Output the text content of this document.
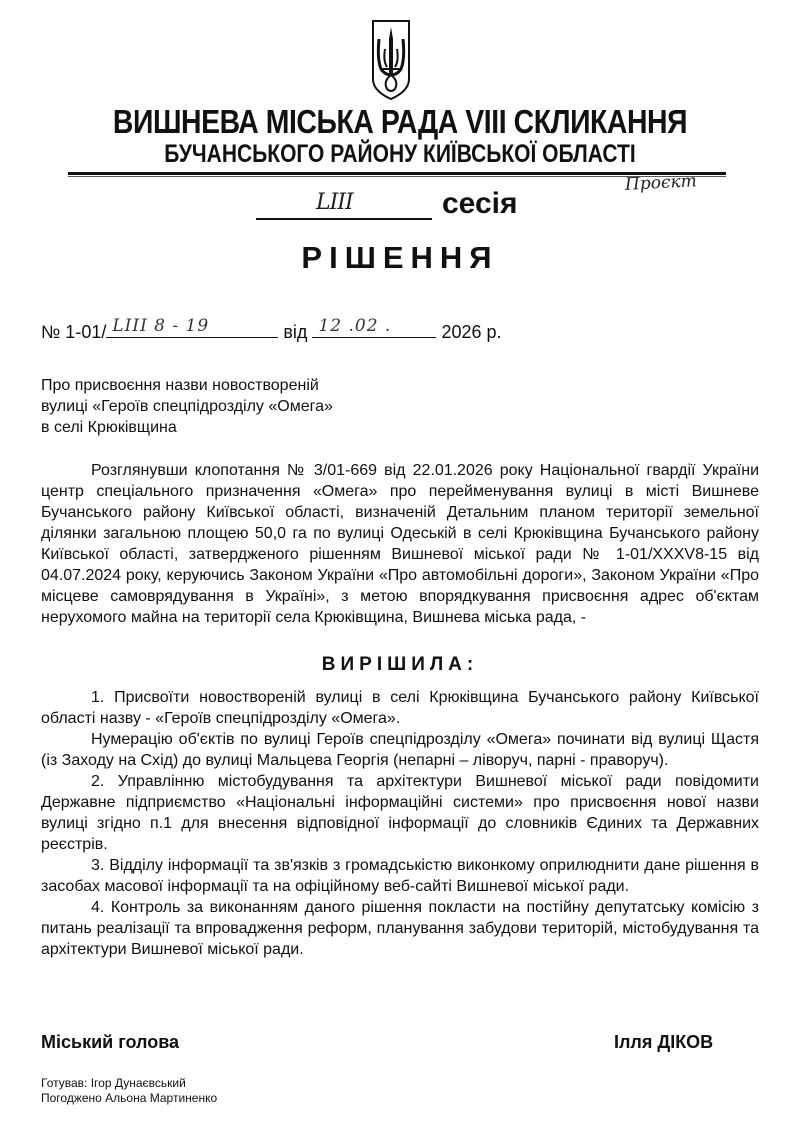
ВИШНЕВА МІСЬКА РАДА VIII СКЛИКАННЯ
БУЧАНСЬКОГО РАЙОНУ КИЇВСЬКОЇ ОБЛАСТІ
Проєкт
LIII	сесія
РІШЕННЯ
№ 1-01/ LIII 8 - 19	від 12 .02 .	2026 р.
Про присвоєння назви новоствореній
вулиці «Героїв спецпідрозділу «Омега»
в селі Крюківщина

Розглянувши клопотання № 3/01-669 від 22.01.2026 року Національної гвардії України центр спеціального призначення «Омега» про перейменування вулиці в місті Вишневе Бучанського району Київської області, визначеній Детальним планом території земельної ділянки загальною площею 50,0 га по вулиці Одеській в селі Крюківщина Бучанського району Київської області, затвердженого рішенням Вишневої міської ради № 1-01/XXXV8-15 від 04.07.2024 року, керуючись Законом України «Про автомобільні дороги», Законом України «Про місцеве самоврядування в Україні», з метою впорядкування присвоєння адрес об'єктам нерухомого майна на території села Крюківщина, Вишнева міська рада, -

ВИРІШИЛА:

1. Присвоїти новоствореній вулиці в селі Крюківщина Бучанського району Київської області назву - «Героїв спецпідрозділу «Омега».

Нумерацію об'єктів по вулиці Героїв спецпідрозділу «Омега» починати від вулиці Щастя (із Заходу на Схід) до вулиці Мальцева Георгія (непарні – ліворуч, парні - праворуч).

2. Управлінню містобудування та архітектури Вишневої міської ради повідомити Державне підприємство «Національні інформаційні системи» про присвоєння нової назви вулиці згідно п.1 для внесення відповідної інформації до словників Єдиних та Державних реєстрів.

3. Відділу інформації та зв'язків з громадськістю виконкому оприлюднити дане рішення в засобах масової інформації та на офіційному веб-сайті Вишневої міської ради.

4. Контроль за виконанням даного рішення покласти на постійну депутатську комісію з питань реалізації та впровадження реформ, планування забудови територій, містобудування та архітектури Вишневої міської ради.

Міський голова	Ілля ДІКОВ
Готував: Ігор Дунаєвський
Погоджено Альона Мартиненко
